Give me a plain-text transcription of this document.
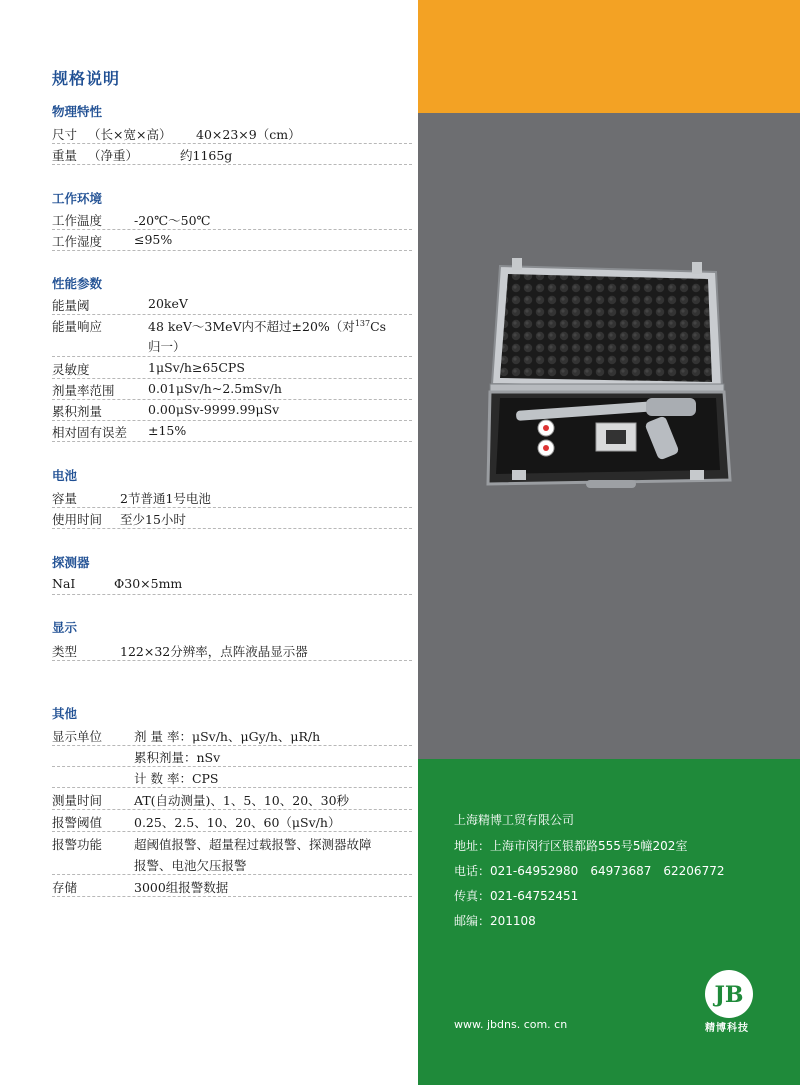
规格说明
物理特性
尺寸 （长×宽×高） 40×23×9（cm）
重量 （净重）	约1165g
工作环境
工作温度	-20℃～50℃
工作湿度	≤95%
性能参数
能量阈	20keV
能量响应	48 keV～3MeV内不超过±20%（对$^{137}$Cs
归一）
灵敏度	1μSv/h≥65CPS
剂量率范围	0.01μSv/h~2.5mSv/h
累积剂量	0.00μSv-9999.99μSv
相对固有误差 ±15%
电池
容量	2节普通1号电池
使用时间 至少15小时
探测器
NaI	Φ30×5mm
显示
类型	122×32分辨率，点阵液晶显示器
其他
显示单位	剂 量 率：μSv/h、μGy/h、μR/h
累积剂量：nSv
计 数 率：CPS
测量时间	AT(自动测量)、1、5、10、20、30秒
报警阈值	0.25、2.5、10、20、60（μSv/h）
报警功能	超阈值报警、超量程过载报警、探测器故障
报警、电池欠压报警
存储	3000组报警数据
上海精博工贸有限公司
地址：上海市闵行区银都路555号5幢202室
电话：021-64952980　64973687　62206772
传真：021-64752451
邮编：201108
www. jbdns. com. cn
JB
精博科技
